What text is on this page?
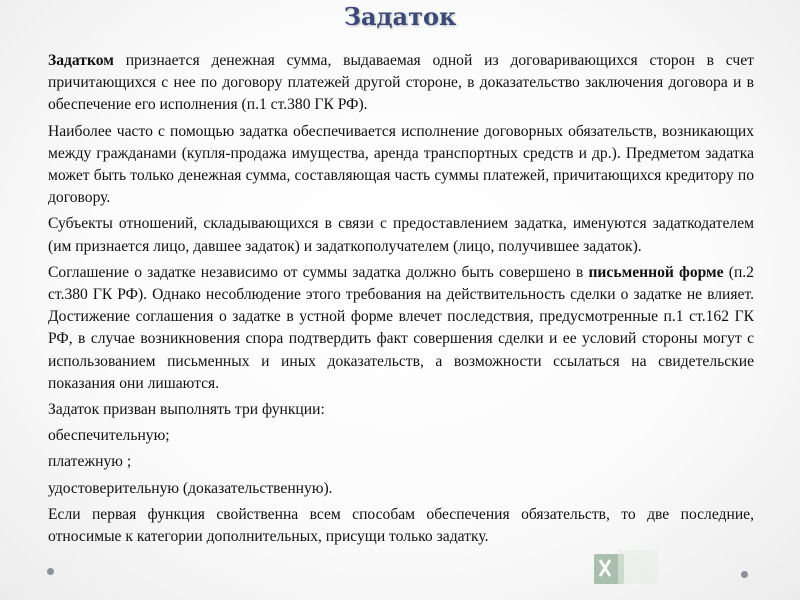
Задаток

Задатком признается денежная сумма, выдаваемая одной из договаривающихся сторон в счет причитающихся с нее по договору платежей другой стороне, в доказательство заключения договора и в обеспечение его исполнения (п.1 ст.380 ГК РФ).

Наиболее часто с помощью задатка обеспечивается исполнение договорных обязательств, возникающих между гражданами (купля-продажа имущества, аренда транспортных средств и др.). Предметом задатка может быть только денежная сумма, составляющая часть суммы платежей, причитающихся кредитору по договору.

Субъекты отношений, складывающихся в связи с предоставлением задатка, именуются задаткодателем (им признается лицо, давшее задаток) и задаткополучателем (лицо, получившее задаток).

Соглашение о задатке независимо от суммы задатка должно быть совершено в письменной форме (п.2 ст.380 ГК РФ). Однако несоблюдение этого требования на действительность сделки о задатке не влияет. Достижение соглашения о задатке в устной форме влечет последствия, предусмотренные п.1 ст.162 ГК РФ, в случае возникновения спора подтвердить факт совершения сделки и ее условий стороны могут с использованием письменных и иных доказательств, а возможности ссылаться на свидетельские показания они лишаются.

Задаток призван выполнять три функции:

обеспечительную;

платежную ;

удостоверительную (доказательственную).

Если первая функция свойственна всем способам обеспечения обязательств, то две последние, относимые к категории дополнительных, присущи только задатку.
